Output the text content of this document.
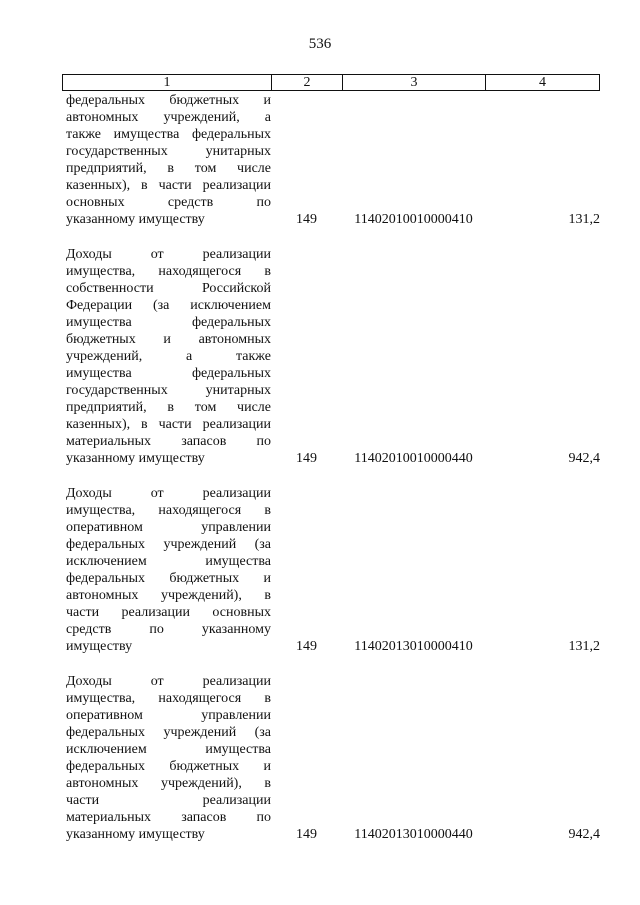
536
1	2	3	4
федеральных бюджетных и
автономных учреждений, а
также имущества федеральных
государственных унитарных
предприятий, в том числе
казенных), в части реализации
основных средств по
указанному имуществу	149	11402010010000410	131,2
Доходы от реализации
имущества, находящегося в
собственности Российской
Федерации (за исключением
имущества федеральных
бюджетных и автономных
учреждений, а также
имущества федеральных
государственных унитарных
предприятий, в том числе
казенных), в части реализации
материальных запасов по
указанному имуществу	149	11402010010000440	942,4
Доходы от реализации
имущества, находящегося в
оперативном управлении
федеральных учреждений (за
исключением имущества
федеральных бюджетных и
автономных учреждений), в
части реализации основных
средств по указанному
имуществу	149	11402013010000410	131,2
Доходы от реализации
имущества, находящегося в
оперативном управлении
федеральных учреждений (за
исключением имущества
федеральных бюджетных и
автономных учреждений), в
части реализации
материальных запасов по
указанному имуществу	149	11402013010000440	942,4
